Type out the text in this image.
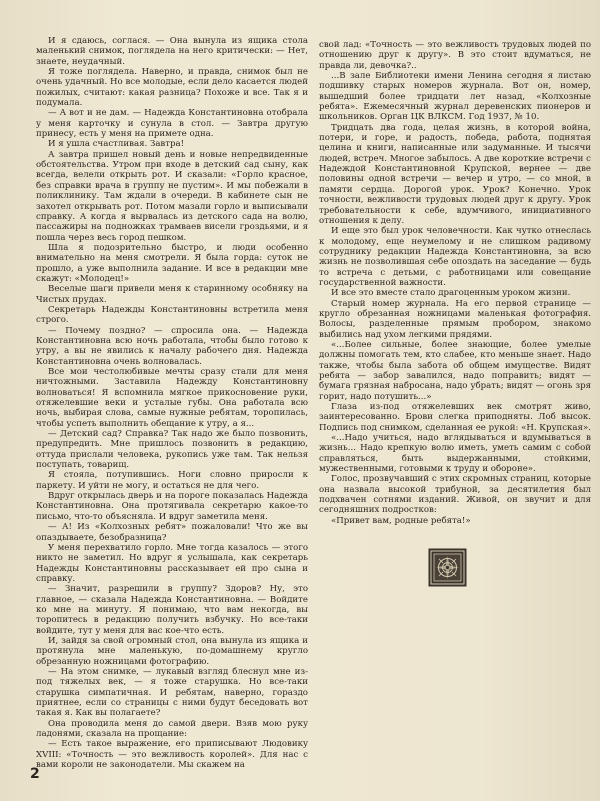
И я сдаюсь, соглася. — Она вынула из ящика стола маленький снимок, поглядела на него критически: — Нет, знаете, неудачный.

Я тоже поглядела. Наверно, и правда, снимок был не очень удачный. Но все молодые, если дело касается людей пожилых, считают: какая разница? Похоже и все. Так я и подумала.

— А вот и не дам. — Надежда Константиновна отобрала у меня карточку и сунула в стол. — Завтра другую принесу, есть у меня на примете одна.

И я ушла счастливая. Завтра!

А завтра пришел новый день и новые непредвиденные обстоятельства. Утром при входе в детский сад сыну, как всегда, велели открыть рот. И сказали: «Горло красное, без справки врача в группу не пустим». И мы побежали в поликлинику. Там ждали в очереди. В кабинете сын не захотел открывать рот. Потом мазали горло и выписывали справку. А когда я вырвалась из детского сада на волю, пассажиры на подножках трамваев висели гроздьями, и я пошла через весь город пешком.

Шла я подозрительно быстро, и люди особенно внимательно на меня смотрели. Я была горда: суток не прошло, а уже выполнила задание. И все в редакции мне скажут: «Молодец!»

Веселые шаги привели меня к старинному особняку на Чистых прудах.

Секретарь Надежды Константиновны встретила меня строго.

— Почему поздно? — спросила она. — Надежда Константиновна всю ночь работала, чтобы было готово к утру, а вы не явились к началу рабочего дня. Надежда Константиновна очень волновалась.

Все мои честолюбивые мечты сразу стали для меня ничтожными. Заставила Надежду Константиновну волноваться! Я вспомнила мягкое прикосновение руки, отяжелевшие веки и усталые губы. Она работала всю ночь, выбирая слова, самые нужные ребятам, торопилась, чтобы успеть выполнить обещание к утру, а я...

— Детский сад? Справка? Так надо же было позвонить, предупредить. Мне пришлось позвонить в редакцию, оттуда прислали человека, рукопись уже там. Так нельзя поступать, товарищ.

Я стояла, потупившись. Ноги словно приросли к паркету. И уйти не могу, и остаться не для чего.

Вдруг открылась дверь и на пороге показалась Надежда Константиновна. Она протягивала секретарю какое-то письмо, что-то объясняла. И вдруг заметила меня.

— А! Из «Колхозных ребят» пожаловали! Что же вы опаздываете, безобразница?

У меня перехватило горло. Мне тогда казалось — этого никто не заметил. Но вдруг я услышала, как секретарь Надежды Константиновны рассказывает ей про сына и справку.

— Значит, разрешили в группу? Здоров? Ну, это главное, — сказала Надежда Константиновна. — Войдите ко мне на минуту. Я понимаю, что вам некогда, вы торопитесь в редакцию получить взбучку. Но все-таки войдите, тут у меня для вас кое-что есть.

И, зайдя за свой огромный стол, она вынула из ящика и протянула мне маленькую, по-домашнему кругло обрезанную ножницами фотографию.

— На этом снимке, — лукавый взгляд блеснул мне из-под тяжелых век, — я тоже старушка. Но все-таки старушка симпатичная. И ребятам, наверно, гораздо приятнее, если со страницы с ними будут беседовать вот такая я. Как вы полагаете?

Она проводила меня до самой двери. Взяв мою руку ладонями, сказала на прощание:

— Есть такое выражение, его приписывают Людовику XVIII: «Точность — это вежливость королей». Для нас с вами короли не законодатели. Мы скажем на

свой лад: «Точность — это вежливость трудовых людей по отношению друг к другу». В это стоит вдуматься, не правда ли, девочка?..

...В зале Библиотеки имени Ленина сегодня я листаю подшивку старых номеров журнала. Вот он, номер, вышедший более тридцати лет назад, «Колхозные ребята». Ежемесячный журнал деревенских пионеров и школьников. Орган ЦК ВЛКСМ. Год 1937, № 10.

Тридцать два года, целая жизнь, в которой война, потери, и горе, и радость, победа, работа, поднятая целина и книги, написанные или задуманные. И тысячи людей, встреч. Многое забылось. А две короткие встречи с Надеждой Константиновной Крупской, вернее — две половины одной встречи — вечер и утро, — со мной, в памяти сердца. Дорогой урок. Урок? Конечно. Урок точности, вежливости трудовых людей друг к другу. Урок требовательности к себе, вдумчивого, инициативного отношения к делу.

И еще это был урок человечности. Как чутко отнеслась к молодому, еще неумелому и не слишком радивому сотруднику редакции Надежда Константиновна, за всю жизнь не позволившая себе опоздать на заседание — будь то встреча с детьми, с работницами или совещание государственной важности.

И все это вместе стало драгоценным уроком жизни.

Старый номер журнала. На его первой странице — кругло обрезанная ножницами маленькая фотография. Волосы, разделенные прямым пробором, знакомо выбились над ухом легкими прядями.

«...Более сильные, более знающие, более умелые должны помогать тем, кто слабее, кто меньше знает. Надо также, чтобы была забота об общем имуществе. Видят ребята — забор завалился, надо поправить; видят — бумага грязная набросана, надо убрать; видят — огонь зря горит, надо потушить...»

Глаза из-под отяжелевших век смотрят живо, заинтересованно. Брови слегка приподняты. Лоб высок. Подпись под снимком, сделанная ее рукой: «Н. Крупская».

«...Надо учиться, надо вглядываться и вдумываться в жизнь... Надо крепкую волю иметь, уметь самим с собой справляться, быть выдержанными, стойкими, мужественными, готовыми к труду и обороне».

Голос, прозвучавший с этих скромных страниц, которые она назвала высокой трибуной, за десятилетия был подхвачен сотнями изданий. Живой, он звучит и для сегодняшних подростков:

«Привет вам, родные ребята!»

2
